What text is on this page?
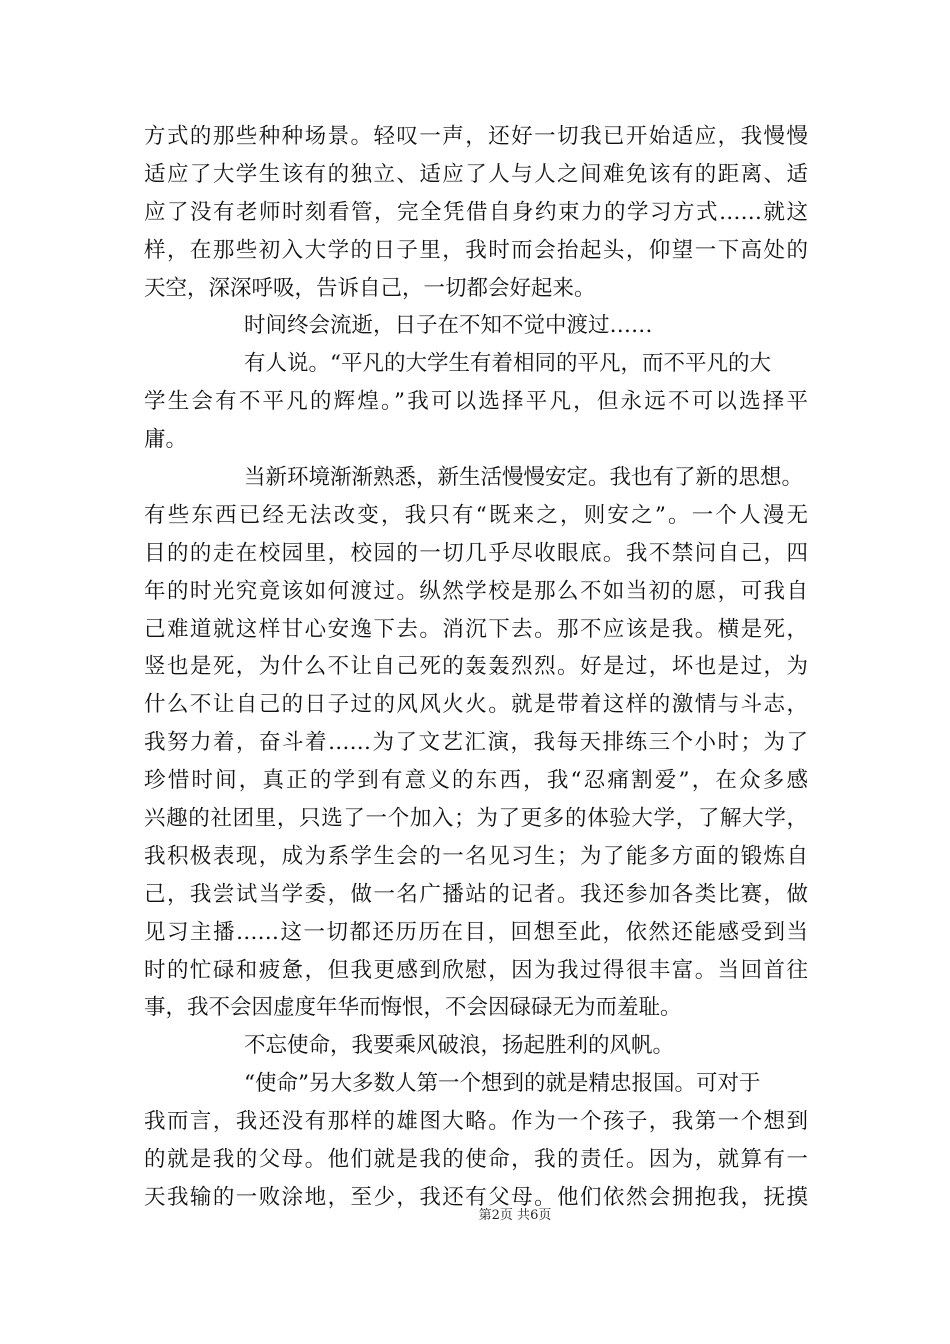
方式的那些种种场景。轻叹一声，还好一切我已开始适应，我慢慢
适应了大学生该有的独立、适应了人与人之间难免该有的距离、适
应了没有老师时刻看管，完全凭借自身约束力的学习方式……就这
样，在那些初入大学的日子里，我时而会抬起头，仰望一下高处的
天空，深深呼吸，告诉自己，一切都会好起来。
时间终会流逝，日子在不知不觉中渡过……
有人说。“平凡的大学生有着相同的平凡，而不平凡的大
学生会有不平凡的辉煌。”我可以选择平凡，但永远不可以选择平
庸。
当新环境渐渐熟悉，新生活慢慢安定。我也有了新的思想。
有些东西已经无法改变，我只有“既来之，则安之”。一个人漫无
目的的走在校园里，校园的一切几乎尽收眼底。我不禁问自己，四
年的时光究竟该如何渡过。纵然学校是那么不如当初的愿，可我自
己难道就这样甘心安逸下去。消沉下去。那不应该是我。横是死，
竖也是死，为什么不让自己死的轰轰烈烈。好是过，坏也是过，为
什么不让自己的日子过的风风火火。就是带着这样的激情与斗志，
我努力着，奋斗着……为了文艺汇演，我每天排练三个小时；为了
珍惜时间，真正的学到有意义的东西，我“忍痛割爱”，在众多感
兴趣的社团里，只选了一个加入；为了更多的体验大学，了解大学，
我积极表现，成为系学生会的一名见习生；为了能多方面的锻炼自
己，我尝试当学委，做一名广播站的记者。我还参加各类比赛，做
见习主播……这一切都还历历在目，回想至此，依然还能感受到当
时的忙碌和疲惫，但我更感到欣慰，因为我过得很丰富。当回首往
事，我不会因虚度年华而悔恨，不会因碌碌无为而羞耻。
不忘使命，我要乘风破浪，扬起胜利的风帆。
“使命”另大多数人第一个想到的就是精忠报国。可对于
我而言，我还没有那样的雄图大略。作为一个孩子，我第一个想到
的就是我的父母。他们就是我的使命，我的责任。因为，就算有一
天我输的一败涂地，至少，我还有父母。他们依然会拥抱我，抚摸
第2页 共6页
